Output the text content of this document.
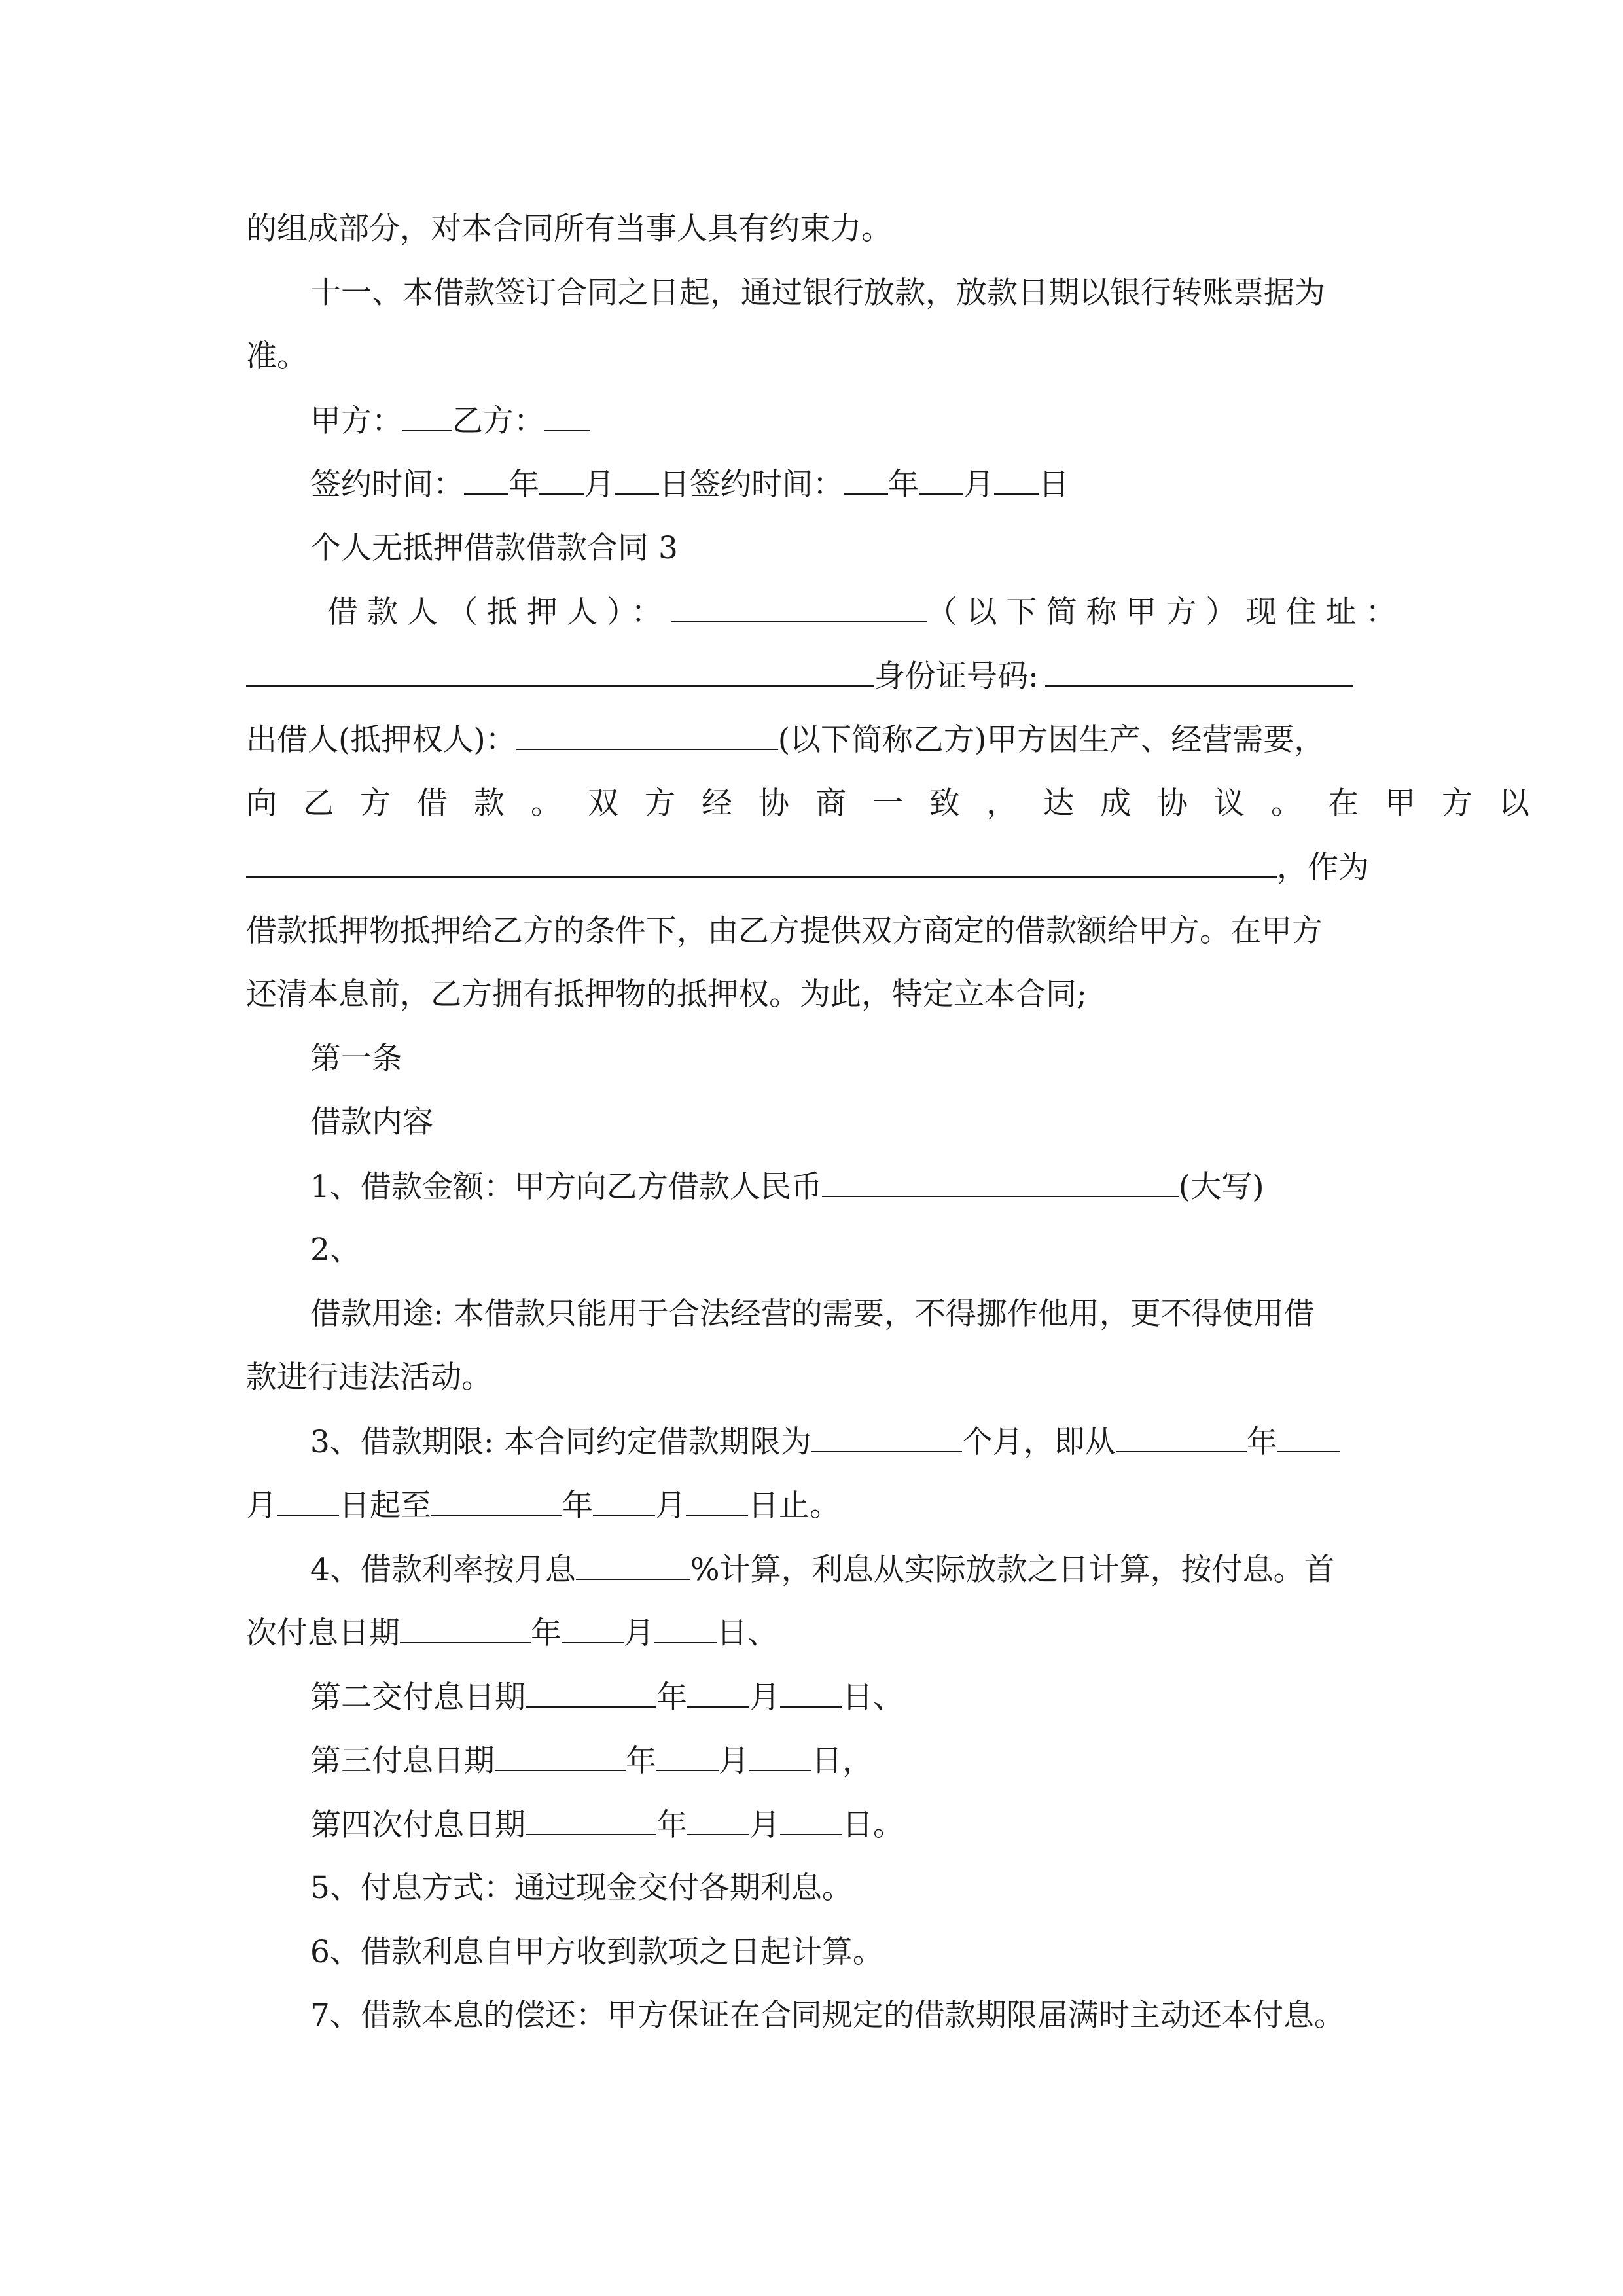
的组成部分，对本合同所有当事人具有约束力。

十一、本借款签订合同之日起，通过银行放款，放款日期以银行转账票据为

准。

甲方： 乙方：

签约时间： 年 月 日签约时间： 年 月 日

个人无抵押借款借款合同 3

借款人（抵押人）：	（以下简称甲方）现住址：

身份证号码:

出借人(抵押权人)：	(以下简称乙方)甲方因生产、经营需要，

向乙方借款。双方经协商一致，达成协议。在甲方以

，作为

借款抵押物抵押给乙方的条件下，由乙方提供双方商定的借款额给甲方。在甲方

还清本息前，乙方拥有抵押物的抵押权。为此，特定立本合同;

第一条

借款内容

1、借款金额：甲方向乙方借款人民币	(大写)

2、

借款用途: 本借款只能用于合法经营的需要，不得挪作他用，更不得使用借

款进行违法活动。

3、借款期限: 本合同约定借款期限为	个月，即从	年

月 日起至	年 月 日止。

4、借款利率按月息	%计算，利息从实际放款之日计算，按付息。首

次付息日期	年 月 日、

第二交付息日期	年 月 日、

第三付息日期	年 月 日，

第四次付息日期	年 月 日。

5、付息方式：通过现金交付各期利息。

6、借款利息自甲方收到款项之日起计算。

7、借款本息的偿还：甲方保证在合同规定的借款期限届满时主动还本付息。
